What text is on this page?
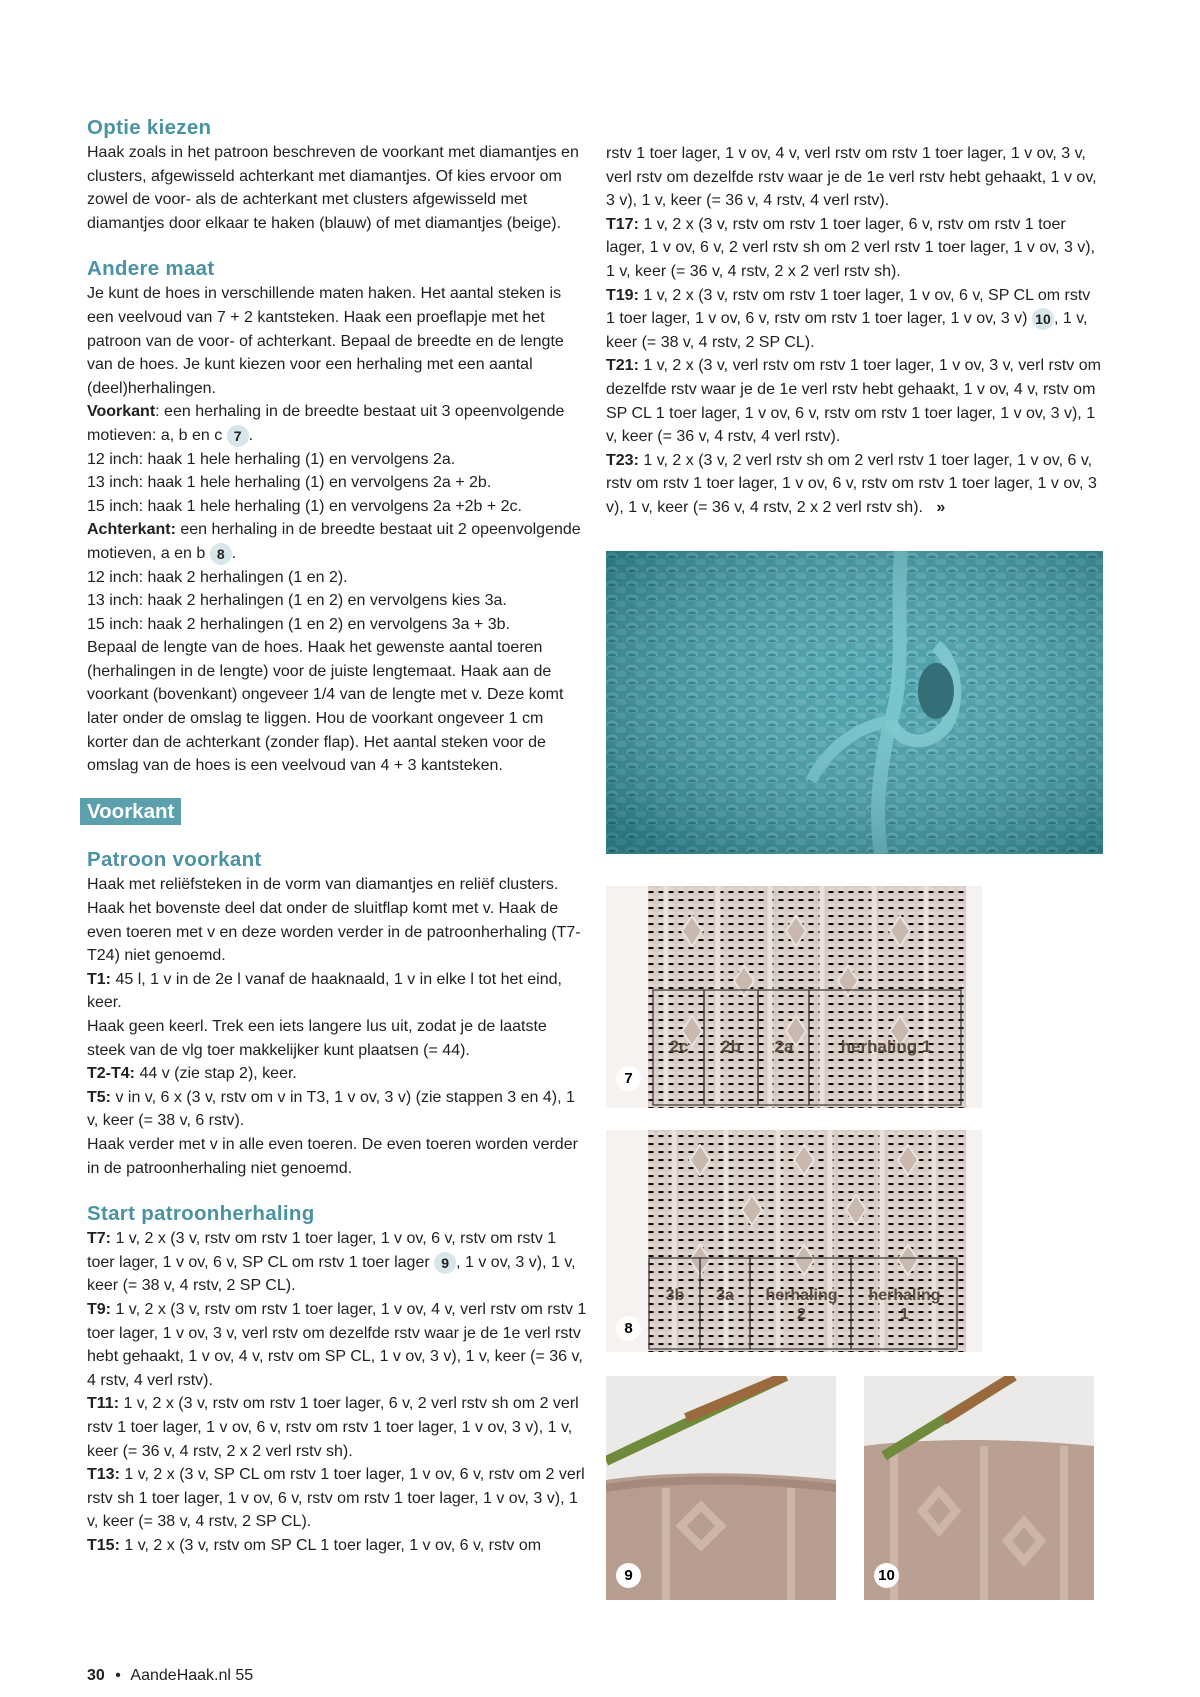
Optie kiezen

Haak zoals in het patroon beschreven de voorkant met diamantjes en clusters, afgewisseld achterkant met diamantjes. Of kies ervoor om zowel de voor- als de achterkant met clusters afgewisseld met diamantjes door elkaar te haken (blauw) of met diamantjes (beige).

Andere maat

Je kunt de hoes in verschillende maten haken. Het aantal steken is een veelvoud van 7 + 2 kantsteken. Haak een proeflapje met het patroon van de voor- of achterkant. Bepaal de breedte en de lengte van de hoes. Je kunt kiezen voor een herhaling met een aantal (deel)herhalingen.

Voorkant: een herhaling in de breedte bestaat uit 3 opeenvolgende motieven: a, b en c 7 .

12 inch: haak 1 hele herhaling (1) en vervolgens 2a.

13 inch: haak 1 hele herhaling (1) en vervolgens 2a + 2b.

15 inch: haak 1 hele herhaling (1) en vervolgens 2a +2b + 2c.

Achterkant: een herhaling in de breedte bestaat uit 2 opeenvolgende motieven, a en b 8 .

12 inch: haak 2 herhalingen (1 en 2).

13 inch: haak 2 herhalingen (1 en 2) en vervolgens kies 3a.

15 inch: haak 2 herhalingen (1 en 2) en vervolgens 3a + 3b.

Bepaal de lengte van de hoes. Haak het gewenste aantal toeren (herhalingen in de lengte) voor de juiste lengtemaat. Haak aan de voorkant (bovenkant) ongeveer 1/4 van de lengte met v. Deze komt later onder de omslag te liggen. Hou de voorkant ongeveer 1 cm korter dan de achterkant (zonder flap). Het aantal steken voor de omslag van de hoes is een veelvoud van 4 + 3 kantsteken.

Voorkant
Patroon voorkant

Haak met reliëfsteken in de vorm van diamantjes en reliëf clusters. Haak het bovenste deel dat onder de sluitflap komt met v. Haak de even toeren met v en deze worden verder in de patroonherhaling (T7-T24) niet genoemd.

T1: 45 l, 1 v in de 2e l vanaf de haaknaald, 1 v in elke l tot het eind, keer.

Haak geen keerl. Trek een iets langere lus uit, zodat je de laatste steek van de vlg toer makkelijker kunt plaatsen (= 44).

T2-T4: 44 v (zie stap 2), keer.

T5: v in v, 6 x (3 v, rstv om v in T3, 1 v ov, 3 v) (zie stappen 3 en 4), 1 v, keer (= 38 v, 6 rstv).

Haak verder met v in alle even toeren. De even toeren worden verder in de patroonherhaling niet genoemd.

Start patroonherhaling

T7: 1 v, 2 x (3 v, rstv om rstv 1 toer lager, 1 v ov, 6 v, rstv om rstv 1 toer lager, 1 v ov, 6 v, SP CL om rstv 1 toer lager 9 , 1 v ov, 3 v), 1 v, keer (= 38 v, 4 rstv, 2 SP CL).

T9: 1 v, 2 x (3 v, rstv om rstv 1 toer lager, 1 v ov, 4 v, verl rstv om rstv 1 toer lager, 1 v ov, 3 v, verl rstv om dezelfde rstv waar je de 1e verl rstv hebt gehaakt, 1 v ov, 4 v, rstv om SP CL, 1 v ov, 3 v), 1 v, keer (= 36 v, 4 rstv, 4 verl rstv).

T11: 1 v, 2 x (3 v, rstv om rstv 1 toer lager, 6 v, 2 verl rstv sh om 2 verl rstv 1 toer lager, 1 v ov, 6 v, rstv om rstv 1 toer lager, 1 v ov, 3 v), 1 v, keer (= 36 v, 4 rstv, 2 x 2 verl rstv sh).

T13: 1 v, 2 x (3 v, SP CL om rstv 1 toer lager, 1 v ov, 6 v, rstv om 2 verl rstv sh 1 toer lager, 1 v ov, 6 v, rstv om rstv 1 toer lager, 1 v ov, 3 v), 1 v, keer (= 38 v, 4 rstv, 2 SP CL).

T15: 1 v, 2 x (3 v, rstv om SP CL 1 toer lager, 1 v ov, 6 v, rstv om

rstv 1 toer lager, 1 v ov, 4 v, verl rstv om rstv 1 toer lager, 1 v ov, 3 v, verl rstv om dezelfde rstv waar je de 1e verl rstv hebt gehaakt, 1 v ov, 3 v), 1 v, keer (= 36 v, 4 rstv, 4 verl rstv).

T17: 1 v, 2 x (3 v, rstv om rstv 1 toer lager, 6 v, rstv om rstv 1 toer lager, 1 v ov, 6 v, 2 verl rstv sh om 2 verl rstv 1 toer lager, 1 v ov, 3 v), 1 v, keer (= 36 v, 4 rstv, 2 x 2 verl rstv sh).

T19: 1 v, 2 x (3 v, rstv om rstv 1 toer lager, 1 v ov, 6 v, SP CL om rstv 1 toer lager, 1 v ov, 6 v, rstv om rstv 1 toer lager, 1 v ov, 3 v) 10 , 1 v, keer (= 38 v, 4 rstv, 2 SP CL).

T21: 1 v, 2 x (3 v, verl rstv om rstv 1 toer lager, 1 v ov, 3 v, verl rstv om dezelfde rstv waar je de 1e verl rstv hebt gehaakt, 1 v ov, 4 v, rstv om SP CL 1 toer lager, 1 v ov, 6 v, rstv om rstv 1 toer lager, 1 v ov, 3 v), 1 v, keer (= 36 v, 4 rstv, 4 verl rstv).

T23: 1 v, 2 x (3 v, 2 verl rstv sh om 2 verl rstv 1 toer lager, 1 v ov, 6 v, rstv om rstv 1 toer lager, 1 v ov, 6 v, rstv om rstv 1 toer lager, 1 v ov, 3 v), 1 v, keer (= 36 v, 4 rstv, 2 x 2 verl rstv sh). »

2c	2b	2a	herhaling 1
7
3b	3a	herhaling 2
herhaling 1
8
9	10
30 • AandeHaak.nl 55
